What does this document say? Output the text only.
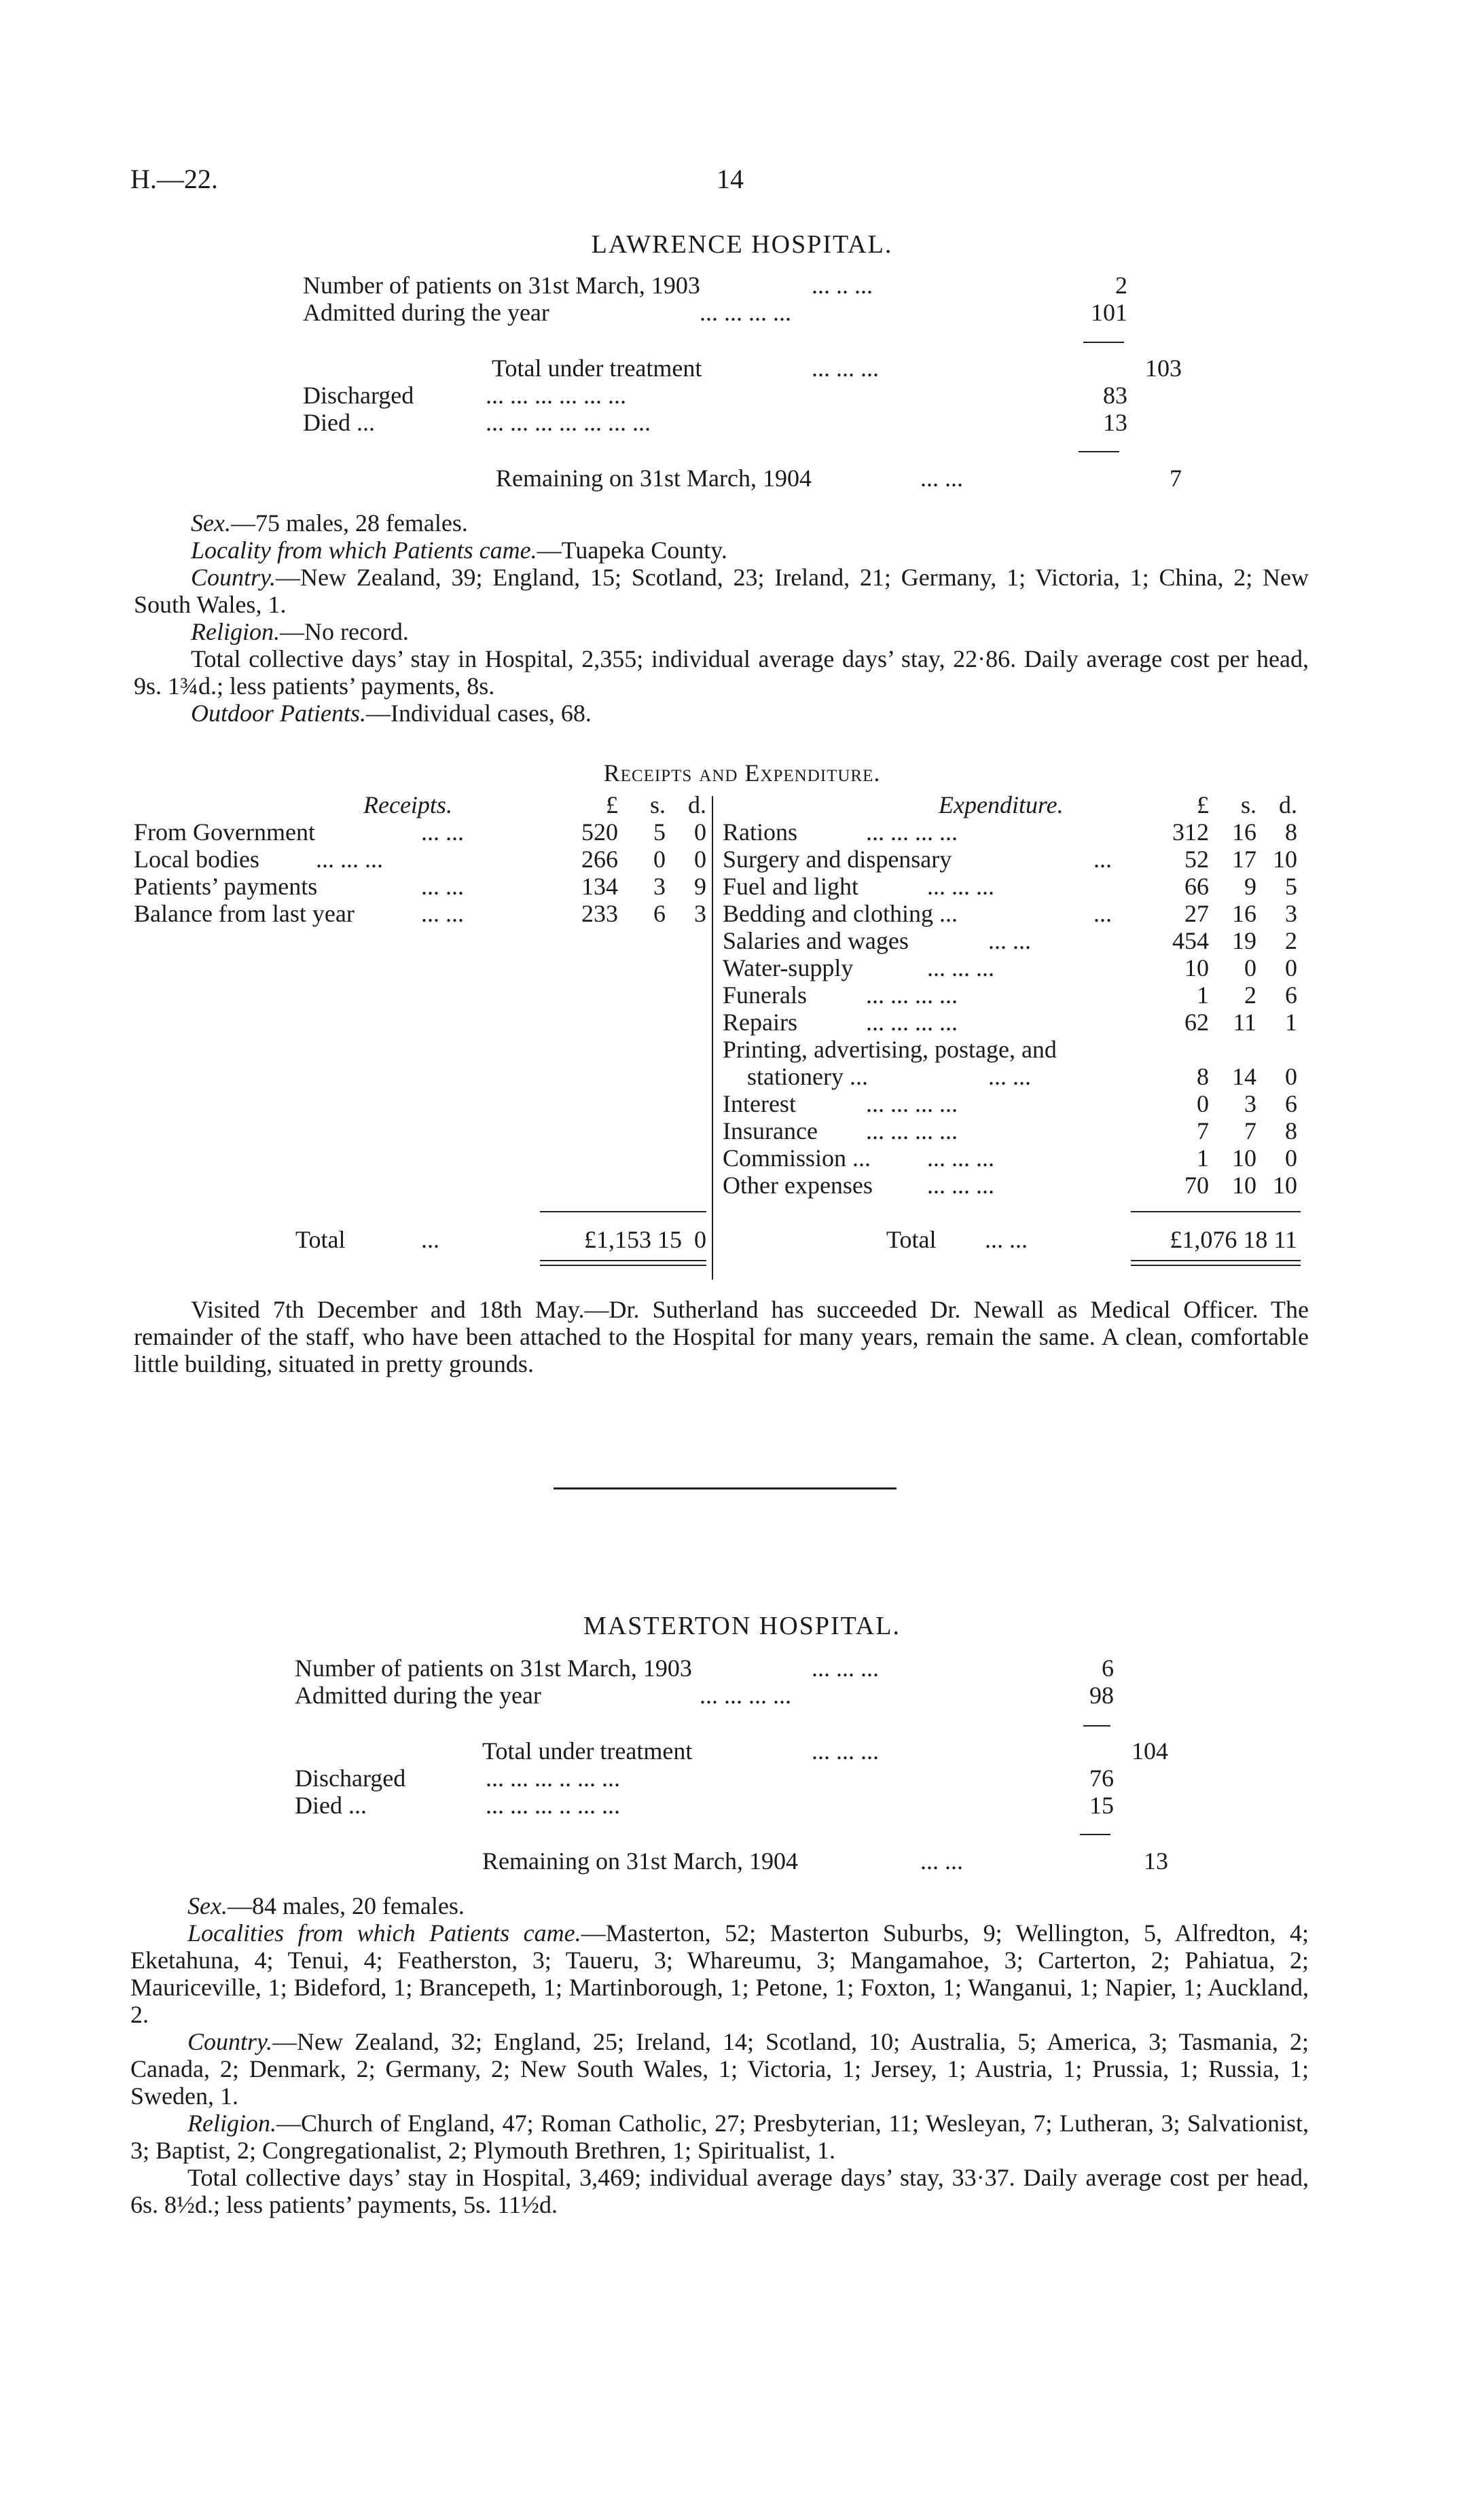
H.—22.	14
LAWRENCE HOSPITAL.
Number of patients on 31st March, 1903	... .. ...	2
Admitted during the year	... ... ... ...	101
Total under treatment	... ... ...	103
Discharged	... ... ... ... ... ...	83
Died ...	... ... ... ... ... ... ...	13
Remaining on 31st March, 1904	... ...	7
Sex.—75 males, 28 females.
Locality from which Patients came.—Tuapeka County.
Country.—New Zealand, 39; England, 15; Scotland, 23; Ireland, 21; Germany, 1; Victoria, 1; China, 2; New South Wales, 1.
Religion.—No record.
Total collective days’ stay in Hospital, 2,355; individual average days’ stay, 22·86. Daily average cost per head, 9s. 1¾d.; less patients’ payments, 8s.
Outdoor Patients.—Individual cases, 68.
Receipts and Expenditure.
Receipts.	£	s. d.	Expenditure.	£	s. d.
From Government	... ...	520	5	0
Local bodies ... ... ...	266	0	0
Patients’ payments	... ...	134	3	9
Balance from last year	... ...	233	6	3
Rations	... ... ... ...	312 16	8
Surgery and dispensary	...	52 17 10
Fuel and light	... ... ...	66	9	5
Bedding and clothing ...	...	27 16	3
Salaries and wages	... ...	454 19	2
Water-supply	... ... ...	10	0	0
Funerals ... ... ... ...	1	2	6
Repairs	... ... ... ...	62 11	1
Printing, advertising, postage, and
stationery ...	... ...	8 14	0
Interest	... ... ... ...	0	3	6
Insurance ... ... ... ...	7	7	8
Commission ... ... ... ...	1 10	0
Other expenses ... ... ...	70 10 10
Total	...	£1,153 15  0	Total ... ...	£1,076 18 11
Visited 7th December and 18th May.—Dr. Sutherland has succeeded Dr. Newall as Medical Officer. The remainder of the staff, who have been attached to the Hospital for many years, remain the same. A clean, comfortable little building, situated in pretty grounds.
MASTERTON HOSPITAL.
Number of patients on 31st March, 1903	... ... ...	6
Admitted during the year	... ... ... ...	98
Total under treatment	... ... ...	104
Discharged	... ... ... .. ... ...	76
Died ...	... ... ... .. ... ...	15
Remaining on 31st March, 1904	... ...	13
Sex.—84 males, 20 females.
Localities from which Patients came.—Masterton, 52; Masterton Suburbs, 9; Wellington, 5, Alfredton, 4; Eketahuna, 4; Tenui, 4; Featherston, 3; Taueru, 3; Whareumu, 3; Mangamahoe, 3; Carterton, 2; Pahiatua, 2; Mauriceville, 1; Bideford, 1; Brancepeth, 1; Martinborough, 1; Petone, 1; Foxton, 1; Wanganui, 1; Napier, 1; Auckland, 2.
Country.—New Zealand, 32; England, 25; Ireland, 14; Scotland, 10; Australia, 5; America, 3; Tasmania, 2; Canada, 2; Denmark, 2; Germany, 2; New South Wales, 1; Victoria, 1; Jersey, 1; Austria, 1; Prussia, 1; Russia, 1; Sweden, 1.
Religion.—Church of England, 47; Roman Catholic, 27; Presbyterian, 11; Wesleyan, 7; Lutheran, 3; Salvationist, 3; Baptist, 2; Congregationalist, 2; Plymouth Brethren, 1; Spiritualist, 1.
Total collective days’ stay in Hospital, 3,469; individual average days’ stay, 33·37. Daily average cost per head, 6s. 8½d.; less patients’ payments, 5s. 11½d.
